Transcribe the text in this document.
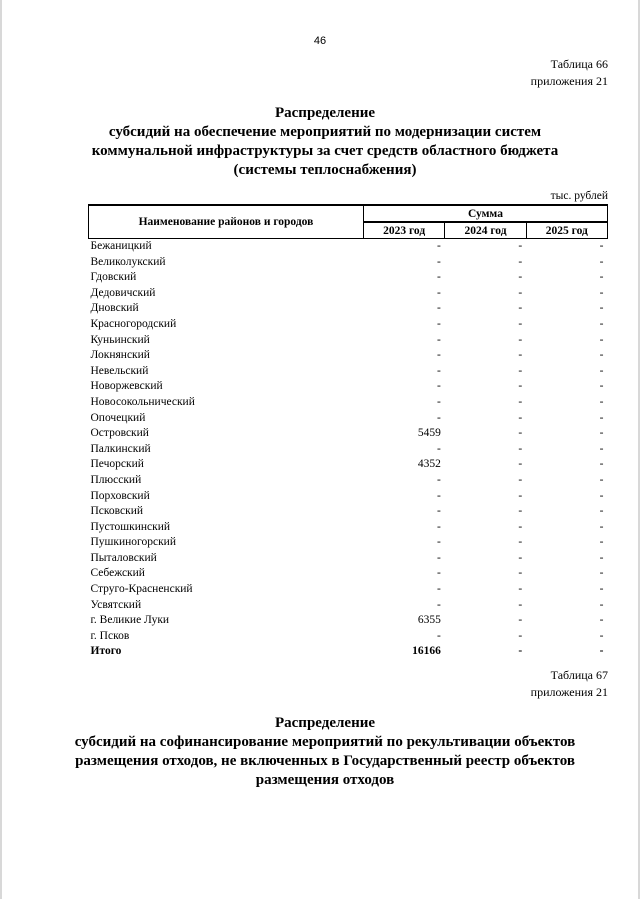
46
Таблица 66
приложения 21
Распределение
субсидий на обеспечение мероприятий по модернизации систем
коммунальной инфраструктуры за счет средств областного бюджета
(системы теплоснабжения)
тыс. рублей
Наименование районов и городов	Сумма		
	2023 год	2024 год	2025 год
Бежаницкий	-	-	-
Великолукский	-	-	-
Гдовский	-	-	-
Дедовичский	-	-	-
Дновский	-	-	-
Красногородский	-	-	-
Куньинский	-	-	-
Локнянский	-	-	-
Невельский	-	-	-
Новоржевский	-	-	-
Новосокольнический	-	-	-
Опочецкий	-	-	-
Островский	5459	-	-
Палкинский	-	-	-
Печорский	4352	-	-
Плюсский	-	-	-
Порховский	-	-	-
Псковский	-	-	-
Пустошкинский	-	-	-
Пушкиногорский	-	-	-
Пыталовский	-	-	-
Себежский	-	-	-
Струго-Красненский	-	-	-
Усвятский	-	-	-
г. Великие Луки	6355	-	-
г. Псков	-	-	-
Итого	16166	-	-
Таблица 67
приложения 21
Распределение
субсидий на софинансирование мероприятий по рекультивации объектов
размещения отходов, не включенных в Государственный реестр объектов
размещения отходов
